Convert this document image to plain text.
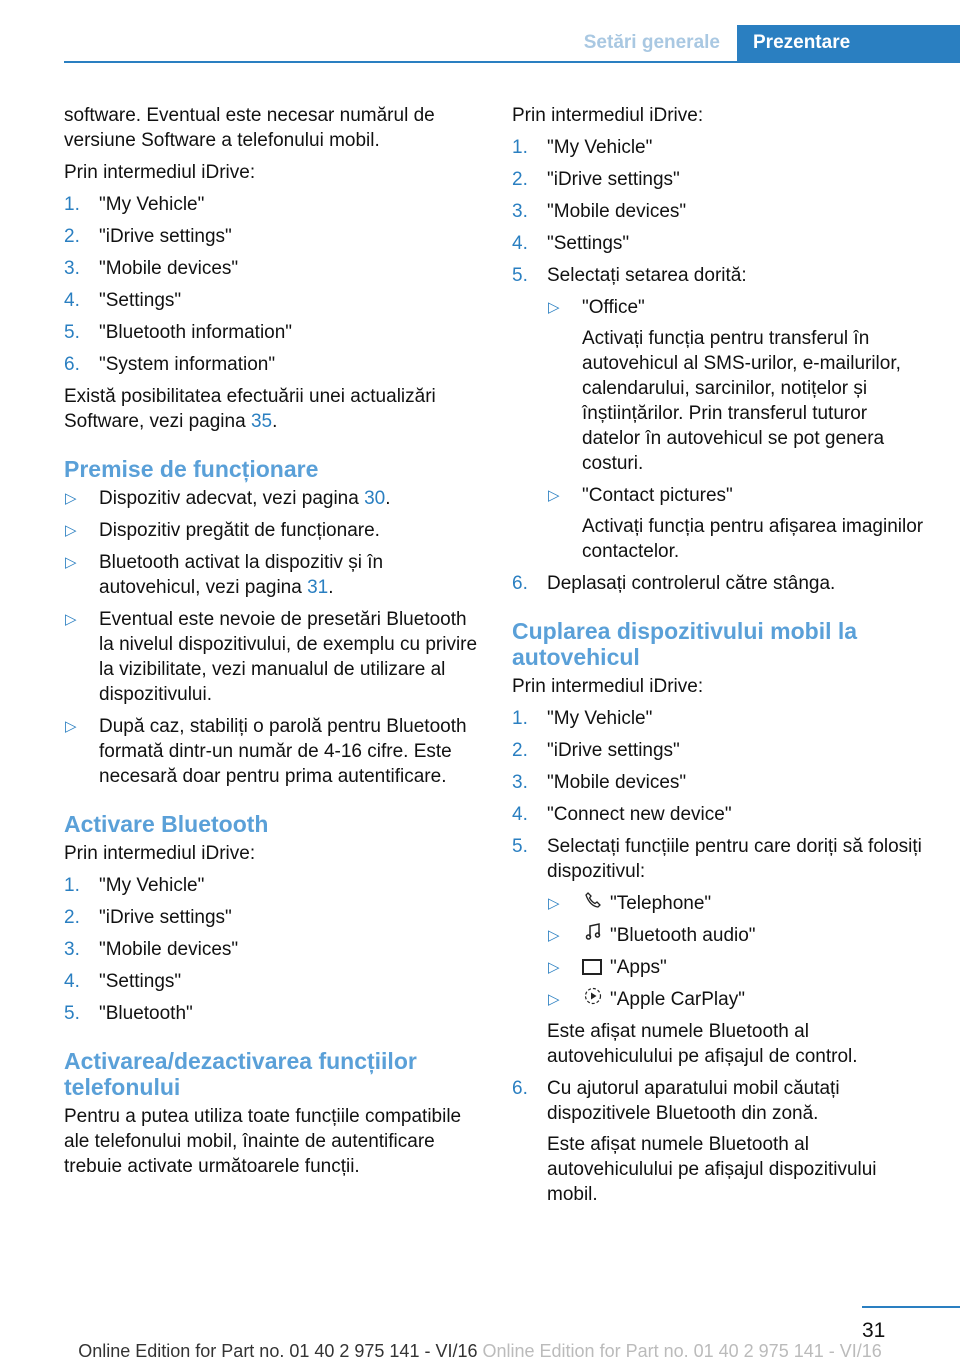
Setări generale	Prezentare

software. Eventual este necesar numărul de versiune Software a telefonului mobil.

Prin intermediul iDrive:

1. "My Vehicle"
2. "iDrive settings"
3. "Mobile devices"
4. "Settings"
5. "Bluetooth information"
6. "System information"

Există posibilitatea efectuării unei actualizări Software, vezi pagina 35.

Premise de funcționare
▷ Dispozitiv adecvat, vezi pagina 30.
▷ Dispozitiv pregătit de funcționare.
▷ Bluetooth activat la dispozitiv și în autovehicul, vezi pagina 31.
▷ Eventual este nevoie de presetări Bluetooth la nivelul dispozitivului, de exemplu cu privire la vizibilitate, vezi manualul de utilizare al dispozitivului.
▷ După caz, stabiliți o parolă pentru Bluetooth formată dintr-un număr de 4-16 cifre. Este necesară doar pentru prima autentificare.
Activare Bluetooth

Prin intermediul iDrive:

1. "My Vehicle"
2. "iDrive settings"
3. "Mobile devices"
4. "Settings"
5. "Bluetooth"
Activarea/dezactivarea funcțiilor telefonului

Pentru a putea utiliza toate funcțiile compatibile ale telefonului mobil, înainte de autentificare trebuie activate următoarele funcții.

Prin intermediul iDrive:

1. "My Vehicle"
2. "iDrive settings"
3. "Mobile devices"
4. "Settings"
5. Selectați setarea dorită:
▷ "Office"
Activați funcția pentru transferul în autovehicul al SMS-urilor, e-mailurilor, calendarului, sarcinilor, notițelor și înștiințărilor. Prin transferul tuturor datelor în autovehicul se pot genera costuri.
▷ "Contact pictures"
Activați funcția pentru afișarea imaginilor contactelor.
6. Deplasați controlerul către stânga.
Cuplarea dispozitivului mobil la autovehicul

Prin intermediul iDrive:

1. "My Vehicle"
2. "iDrive settings"
3. "Mobile devices"
4. "Connect new device"
5. Selectați funcțiile pentru care doriți să folosiți dispozitivul:
▷	"Telephone"
▷	"Bluetooth audio"
▷	"Apps"
▷	"Apple CarPlay"
Este afișat numele Bluetooth al autovehiculului pe afișajul de control.
6. Cu ajutorul aparatului mobil căutați dispozitivele Bluetooth din zonă.
Este afișat numele Bluetooth al autovehiculului pe afișajul dispozitivului mobil.
31
Online Edition for Part no. 01 40 2 975 141 - VI/16 Online Edition for Part no. 01 40 2 975 141 - VI/16
